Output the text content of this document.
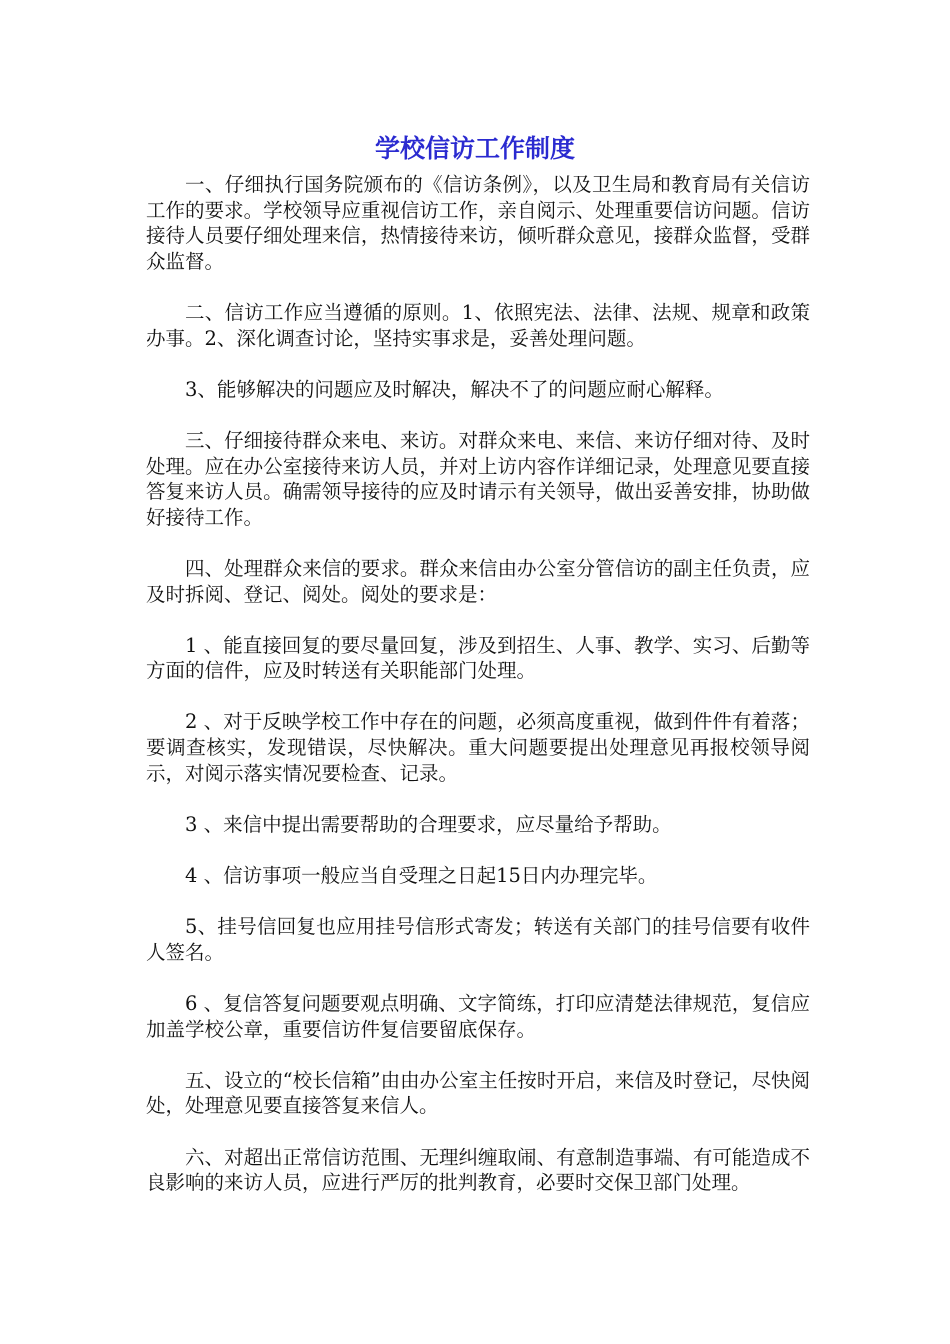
学校信访工作制度

一、仔细执行国务院颁布的《信访条例》，以及卫生局和教育局有关信访工作的要求。学校领导应重视信访工作，亲自阅示、处理重要信访问题。信访接待人员要仔细处理来信，热情接待来访，倾听群众意见，接群众监督，受群众监督。

二、信访工作应当遵循的原则。1、依照宪法、法律、法规、规章和政策办事。2、深化调查讨论，坚持实事求是，妥善处理问题。

3、能够解决的问题应及时解决，解决不了的问题应耐心解释。

三、仔细接待群众来电、来访。对群众来电、来信、来访仔细对待、及时处理。应在办公室接待来访人员，并对上访内容作详细记录，处理意见要直接答复来访人员。确需领导接待的应及时请示有关领导，做出妥善安排，协助做好接待工作。

四、处理群众来信的要求。群众来信由办公室分管信访的副主任负责，应及时拆阅、登记、阅处。阅处的要求是：

1 、能直接回复的要尽量回复，涉及到招生、人事、教学、实习、后勤等方面的信件，应及时转送有关职能部门处理。

2 、对于反映学校工作中存在的问题，必须高度重视，做到件件有着落；要调查核实，发现错误，尽快解决。重大问题要提出处理意见再报校领导阅示，对阅示落实情况要检查、记录。

3 、来信中提出需要帮助的合理要求，应尽量给予帮助。

4 、信访事项一般应当自受理之日起15日内办理完毕。

5、挂号信回复也应用挂号信形式寄发；转送有关部门的挂号信要有收件人签名。

6 、复信答复问题要观点明确、文字简练，打印应清楚法律规范，复信应加盖学校公章，重要信访件复信要留底保存。

五、设立的“校长信箱”由由办公室主任按时开启，来信及时登记，尽快阅处，处理意见要直接答复来信人。

六、对超出正常信访范围、无理纠缠取闹、有意制造事端、有可能造成不良影响的来访人员，应进行严厉的批判教育，必要时交保卫部门处理。
